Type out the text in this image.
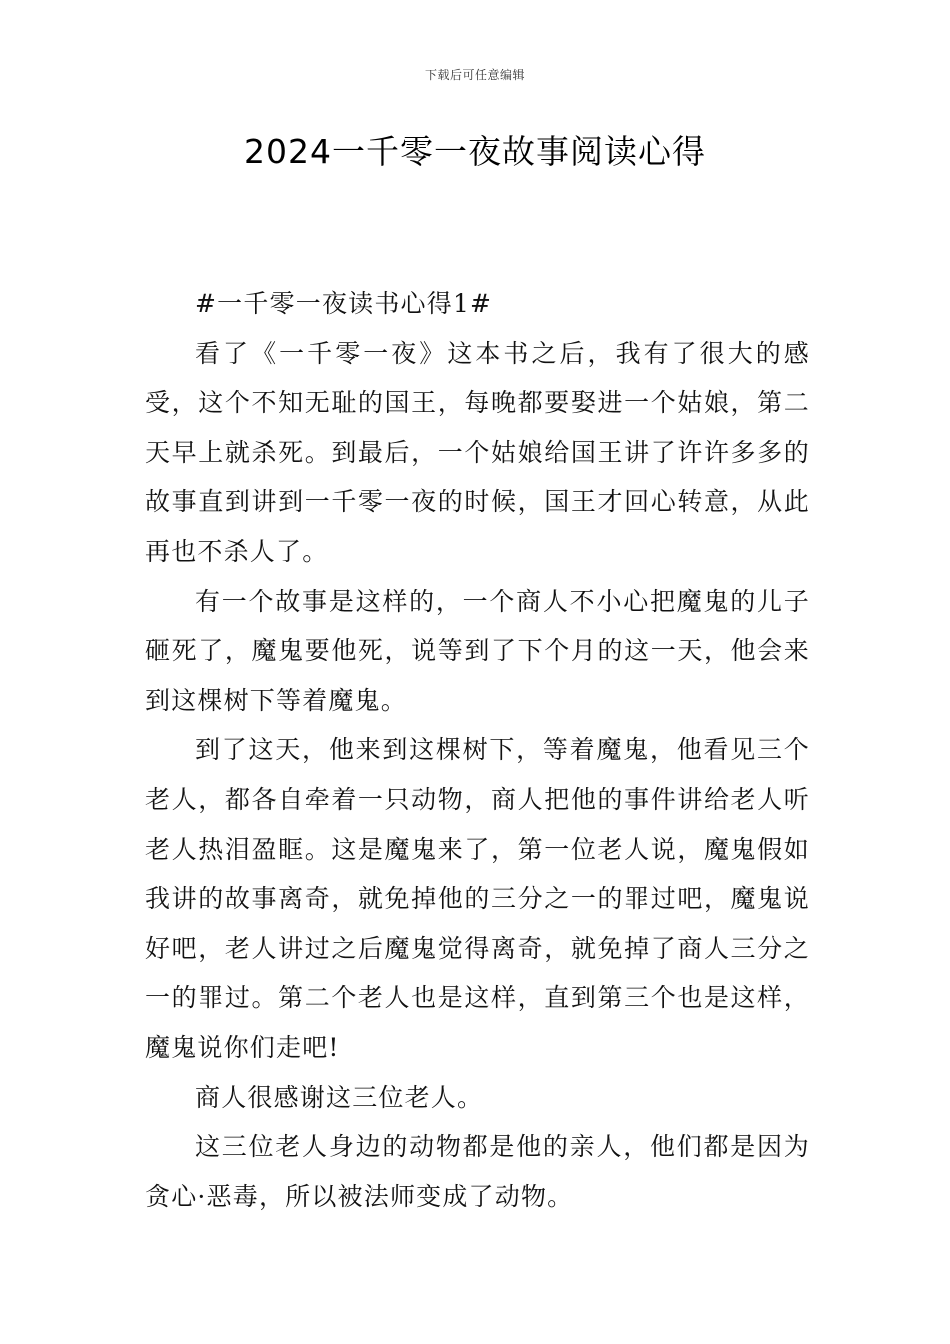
下载后可任意编辑
2024一千零一夜故事阅读心得

#一千零一夜读书心得1#

看了《一千零一夜》这本书之后，我有了很大的感受，这个不知无耻的国王，每晚都要娶进一个姑娘，第二天早上就杀死。到最后，一个姑娘给国王讲了许许多多的故事直到讲到一千零一夜的时候，国王才回心转意，从此再也不杀人了。

有一个故事是这样的，一个商人不小心把魔鬼的儿子砸死了，魔鬼要他死，说等到了下个月的这一天，他会来到这棵树下等着魔鬼。

到了这天，他来到这棵树下，等着魔鬼，他看见三个老人，都各自牵着一只动物，商人把他的事件讲给老人听老人热泪盈眶。这是魔鬼来了，第一位老人说，魔鬼假如我讲的故事离奇，就免掉他的三分之一的罪过吧，魔鬼说好吧，老人讲过之后魔鬼觉得离奇，就免掉了商人三分之一的罪过。第二个老人也是这样，直到第三个也是这样，魔鬼说你们走吧!

商人很感谢这三位老人。

这三位老人身边的动物都是他的亲人，他们都是因为贪心·恶毒，所以被法师变成了动物。
